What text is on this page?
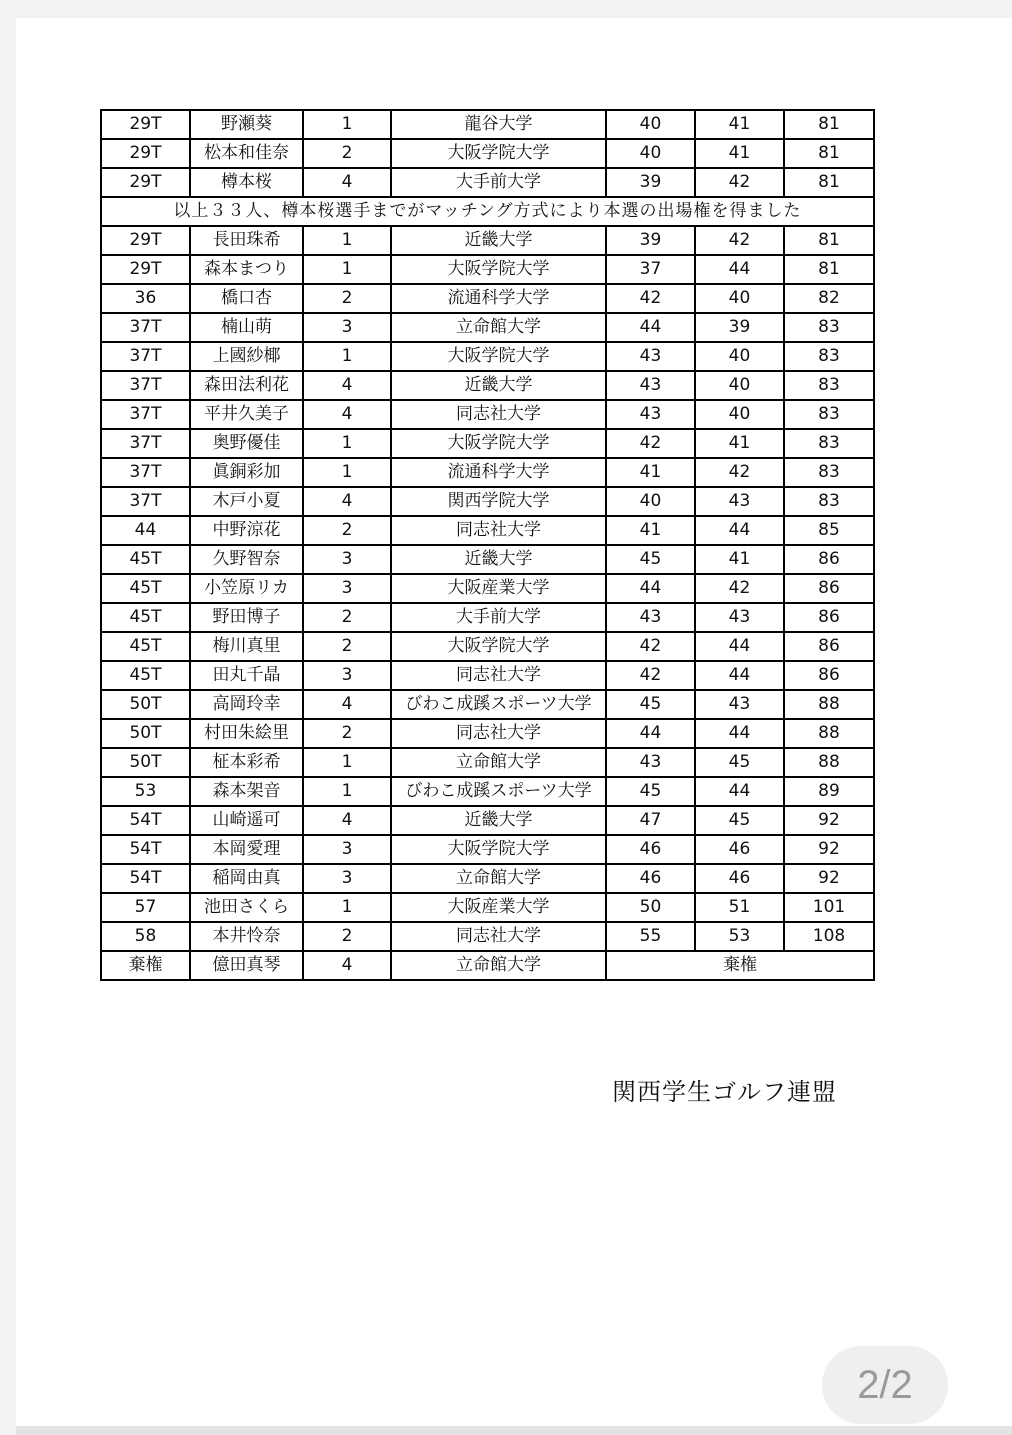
29T	野瀬葵	1	龍谷大学	40	41	81
29T	松本和佳奈	2	大阪学院大学	40	41	81
29T	樽本桜	4	大手前大学	39	42	81
以上３３人、樽本桜選手までがマッチング方式により本選の出場権を得ました						
29T	長田珠希	1	近畿大学	39	42	81
29T	森本まつり	1	大阪学院大学	37	44	81
36	橋口杏	2	流通科学大学	42	40	82
37T	楠山萌	3	立命館大学	44	39	83
37T	上國紗椰	1	大阪学院大学	43	40	83
37T	森田法利花	4	近畿大学	43	40	83
37T	平井久美子	4	同志社大学	43	40	83
37T	奥野優佳	1	大阪学院大学	42	41	83
37T	眞銅彩加	1	流通科学大学	41	42	83
37T	木戸小夏	4	関西学院大学	40	43	83
44	中野涼花	2	同志社大学	41	44	85
45T	久野智奈	3	近畿大学	45	41	86
45T	小笠原リカ	3	大阪産業大学	44	42	86
45T	野田博子	2	大手前大学	43	43	86
45T	梅川真里	2	大阪学院大学	42	44	86
45T	田丸千晶	3	同志社大学	42	44	86
50T	高岡玲幸	4	びわこ成蹊スポーツ大学	45	43	88
50T	村田朱絵里	2	同志社大学	44	44	88
50T	柾本彩希	1	立命館大学	43	45	88
53	森本架音	1	びわこ成蹊スポーツ大学	45	44	89
54T	山崎遥可	4	近畿大学	47	45	92
54T	本岡愛理	3	大阪学院大学	46	46	92
54T	稲岡由真	3	立命館大学	46	46	92
57	池田さくら	1	大阪産業大学	50	51	101
58	本井怜奈	2	同志社大学	55	53	108
棄権	億田真琴	4	立命館大学	棄権		
関西学生ゴルフ連盟
2/2
